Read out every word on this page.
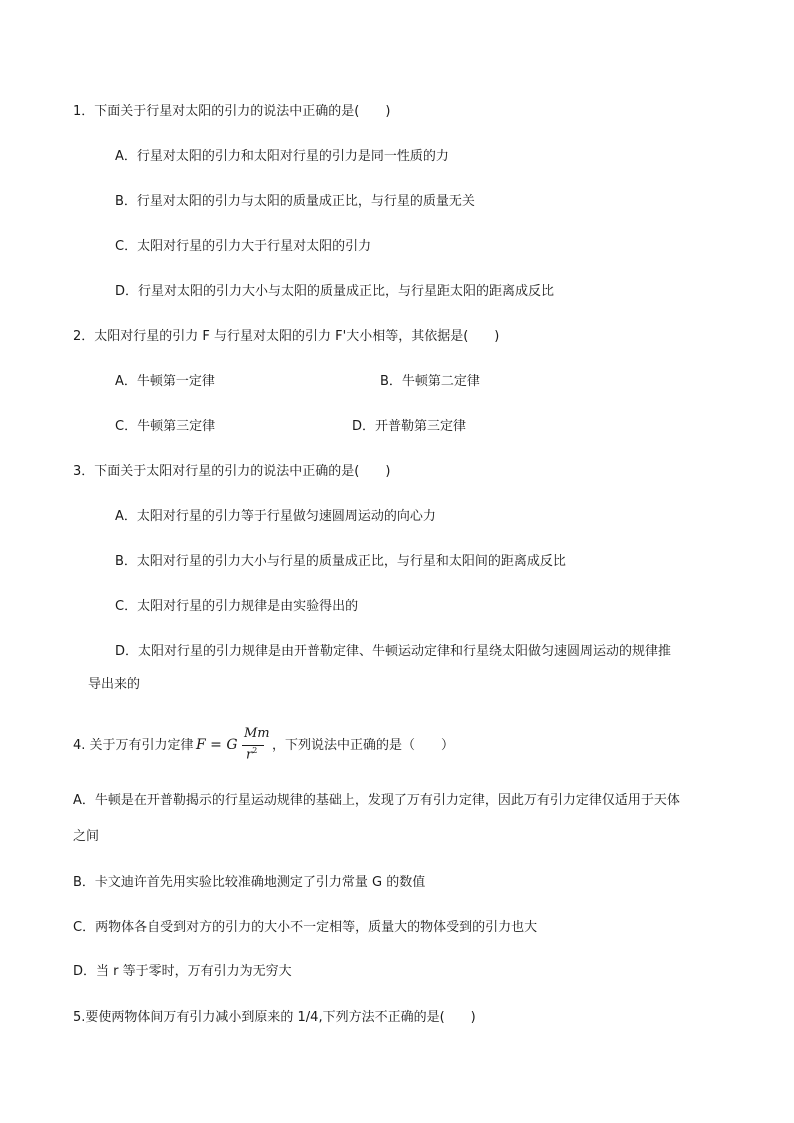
1．下面关于行星对太阳的引力的说法中正确的是(　　)
A．行星对太阳的引力和太阳对行星的引力是同一性质的力
B．行星对太阳的引力与太阳的质量成正比，与行星的质量无关
C．太阳对行星的引力大于行星对太阳的引力
D．行星对太阳的引力大小与太阳的质量成正比，与行星距太阳的距离成反比
2．太阳对行星的引力 F 与行星对太阳的引力 F'大小相等，其依据是(　　)
A．牛顿第一定律	B．牛顿第二定律
C．牛顿第三定律	D．开普勒第三定律
3．下面关于太阳对行星的引力的说法中正确的是(　　)
A．太阳对行星的引力等于行星做匀速圆周运动的向心力
B．太阳对行星的引力大小与行星的质量成正比，与行星和太阳间的距离成反比
C．太阳对行星的引力规律是由实验得出的
D．太阳对行星的引力规律是由开普勒定律、牛顿运动定律和行星绕太阳做匀速圆周运动的规律推
导出来的
4. 关于万有引力定律 F = G
Mm
$r^2$ ，下列说法中正确的是（　　）
A．牛顿是在开普勒揭示的行星运动规律的基础上，发现了万有引力定律，因此万有引力定律仅适用于天体
之间
B．卡文迪许首先用实验比较准确地测定了引力常量 G 的数值
C．两物体各自受到对方的引力的大小不一定相等，质量大的物体受到的引力也大
D．当 r 等于零时，万有引力为无穷大
5.要使两物体间万有引力减小到原来的 1/4,下列方法不正确的是(　　)
